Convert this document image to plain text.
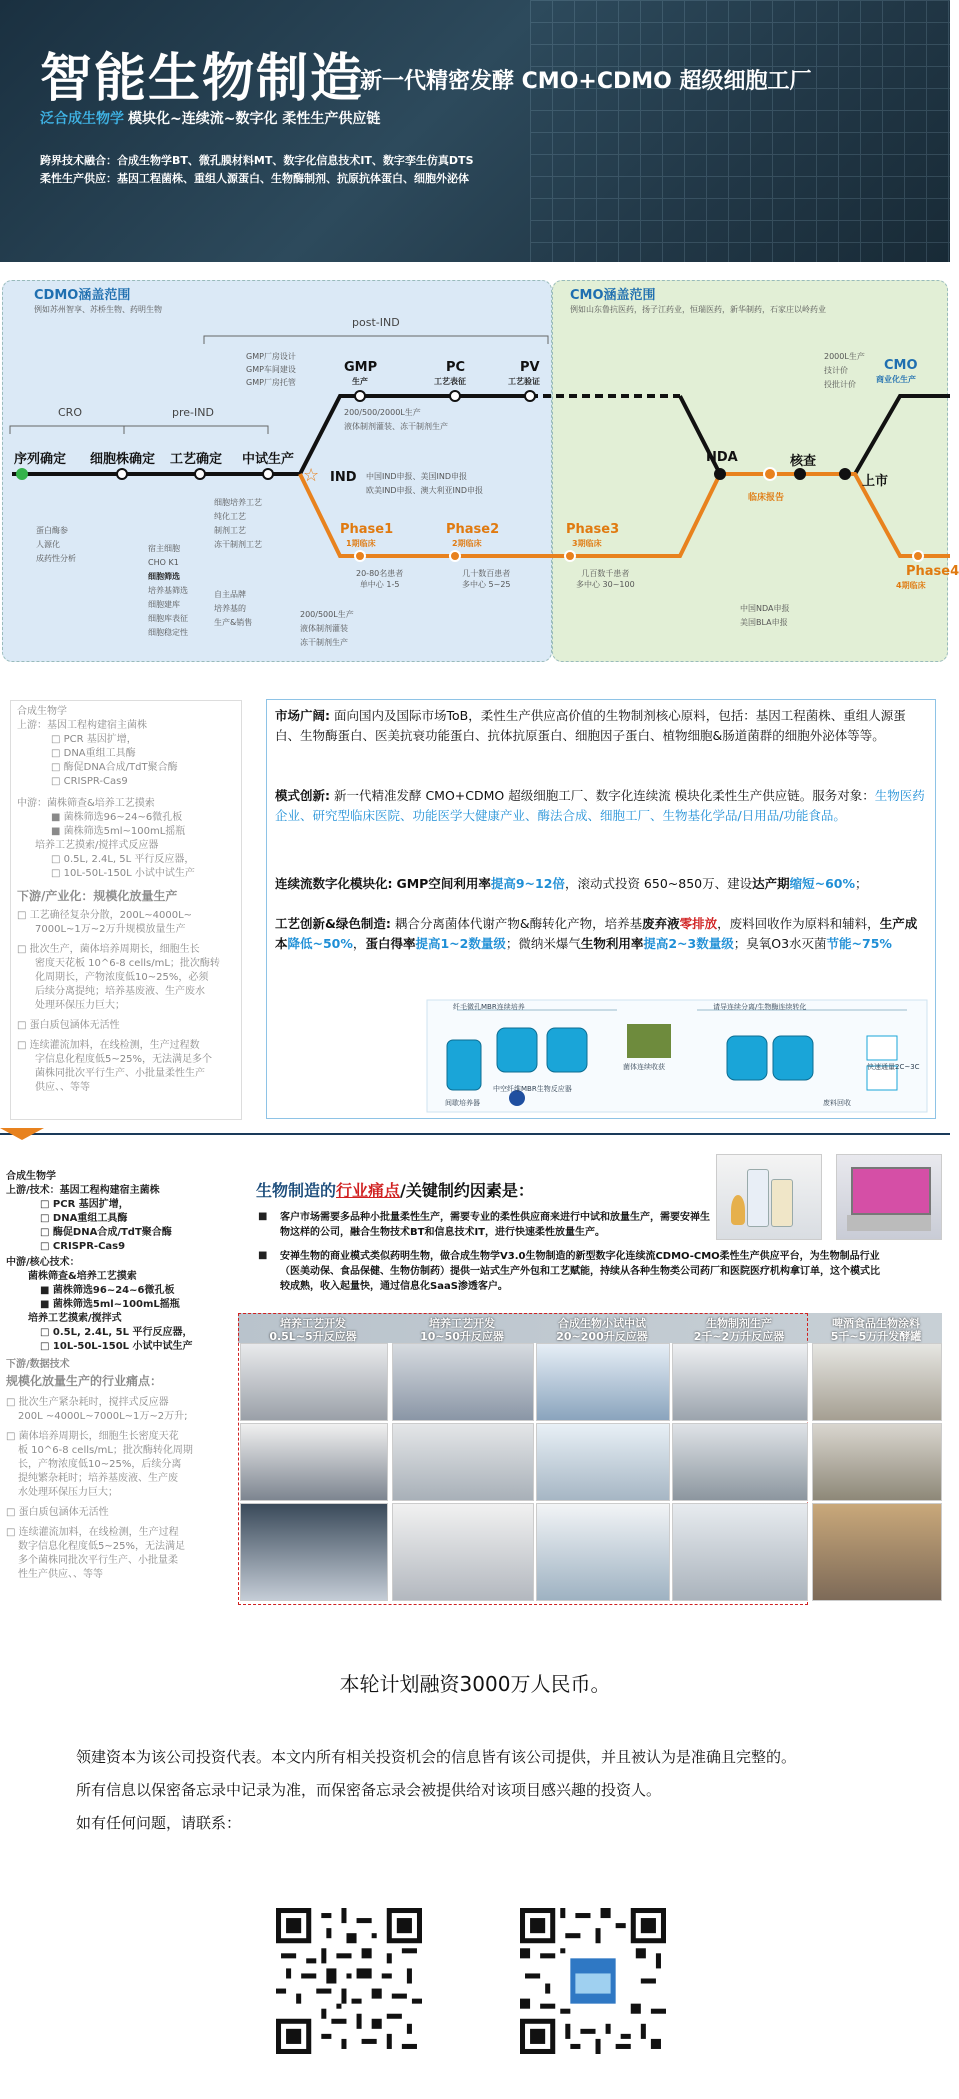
智能生物制造
新一代精密发酵 CMO+CDMO 超级细胞工厂
泛合成生物学 模块化~连续流~数字化 柔性生产供应链
跨界技术融合：合成生物学BT、微孔膜材料MT、数字化信息技术IT、数字孪生仿真DTS
柔性生产供应：基因工程菌株、重组人源蛋白、生物酶制剂、抗原抗体蛋白、细胞外泌体
CDMO涵盖范围
例如苏州智享、苏桥生物、药明生物
CMO涵盖范围
例如山东鲁抗医药，扬子江药业，恒瑞医药，新华制药，石家庄以岭药业
☆
post-IND
pre-IND
CRO
GMP厂房设计
GMP车间建设
GMP厂房托管
序列确定 细胞株确定 工艺确定 中试生产
IND
GMP
生产
PC
工艺表征
PV
工艺验证
NDA	核查
上市
CMO
商业化生产
Phase1
1期临床
Phase2
2期临床
Phase3
3期临床
Phase4
4期临床
20-80名患者
单中心 1-5
几十数百患者
多中心 5~25
几百数千患者
多中心 30~100
临床报告
蛋白酶参
人源化
成药性分析
宿主细胞
CHO K1
细胞筛选
培养基筛选
细胞建库
细胞库表征
细胞稳定性
细胞培养工艺
纯化工艺
制剂工艺
冻干制剂工艺
自主品牌
培养基的
生产&销售
200/500L生产
液体制剂灌装
冻干制剂生产
200/500/2000L生产
液体制剂灌装、冻干制剂生产
中国IND申报、美国IND申报
欧美IND申报、澳大利亚IND申报
中国NDA申报
美国BLA申报
2000L生产
技计价
投批计价
合成生物学
上游：基因工程构建宿主菌株
□ PCR 基因扩增，
□ DNA重组工具酶
□ 酶促DNA合成/TdT聚合酶
□ CRISPR-Cas9
中游：菌株筛查&培养工艺摸索
■ 菌株筛选96~24~6微孔板
■ 菌株筛选5ml~100mL摇瓶
培养工艺摸索/搅拌式反应器
□ 0.5L, 2.4L, 5L 平行反应器，
□ 10L-50L-150L 小试中试生产
下游/产业化：规模化放量生产
□ 工艺确径复杂分散，200L~4000L~
7000L~1万~2万升规模放量生产
□ 批次生产，菌体培养周期长，细胞生长
密度天花板 10^6-8 cells/mL；批次酶转
化周期长，产物浓度低10~25%，必须
后续分离提纯；培养基废液、生产废水
处理环保压力巨大；
□ 蛋白质包涵体无活性
□ 连续灌流加料，在线检测，生产过程数
字信息化程度低5~25%，无法满足多个
菌株同批次平行生产、小批量柔性生产
供应、、等等
市场广阔: 面向国内及国际市场ToB，柔性生产供应高价值的生物制剂核心原料，包括：基因工程菌株、重组人源蛋白、生物酶蛋白、医美抗衰功能蛋白、抗体抗原蛋白、细胞因子蛋白、植物细胞&肠道菌群的细胞外泌体等等。
模式创新: 新一代精准发酵 CMO+CDMO 超级细胞工厂、数字化连续流 模块化柔性生产供应链。服务对象：生物医药企业、研究型临床医院、功能医学大健康产业、酶法合成、细胞工厂、生物基化学品/日用品/功能食品。
连续流数字化模块化: GMP空间利用率提高9~12倍，滚动式投资 650~850万、建设达产期缩短~60%；
工艺创新&绿色制造: 耦合分离菌体代谢产物&酶转化产物，培养基废弃液零排放，废料回收作为原料和辅料，生产成本降低~50%，蛋白得率提高1~2数量级；微纳米爆气生物利用率提高2~3数量级；臭氧O3水灭菌节能~75%
纤毛微孔MBR连续培养	请导连续分离/生物酶连续转化
中空纤维MBR生物反应器
菌体连续收获	快速通量2C~3C
间歇培养器	废料回收
合成生物学
上游/技术：基因工程构建宿主菌株
□ PCR 基因扩增，
□ DNA重组工具酶
□ 酶促DNA合成/TdT聚合酶
□ CRISPR-Cas9
中游/核心技术：
菌株筛查&培养工艺摸索
■ 菌株筛选96~24~6微孔板
■ 菌株筛选5ml~100mL摇瓶
培养工艺摸索/搅拌式
□ 0.5L, 2.4L, 5L 平行反应器，
□ 10L-50L-150L 小试中试生产
下游/数据技术
规模化放量生产的行业痛点：
□ 批次生产紧杂耗时，搅拌式反应器
200L ~4000L~7000L~1万~2万升;
□ 菌体培养周期长，细胞生长密度天花
板 10^6-8 cells/mL；批次酶转化周期
长，产物浓度低10~25%，后续分离
提纯繁杂耗时；培养基废液、生产废
水处理环保压力巨大；
□ 蛋白质包涵体无活性
□ 连续灌流加料，在线检测，生产过程
数字信息化程度低5~25%，无法满足
多个菌株同批次平行生产、小批量柔
性生产供应、、等等
生物制造的行业痛点/关键制约因素是：
■ 客户市场需要多品种小批量柔性生产，需要专业的柔性供应商来进行中试和放量生产，需要安禅生物这样的公司，融合生物技术BT和信息技术IT，进行快速柔性放量生产。
■ 安禅生物的商业模式类似药明生物，做合成生物学V3.0生物制造的新型数字化连续流CDMO-CMO柔性生产供应平台，为生物制品行业（医美动保、食品保健、生物仿制药）提供一站式生产外包和工艺赋能，持续从各种生物类公司药厂和医院医疗机构拿订单，这个模式比较成熟，收入起量快，通过信息化SaaS渗透客户。
培养工艺开发
0.5L~5升反应器
培养工艺开发
10~50升反应器
合成生物小试中试
20~200升反应器
生物制剂生产
2千~2万升反应器
啤酒食品生物涂料
5千~5万升发酵罐
本轮计划融资3000万人民币。
领建资本为该公司投资代表。本文内所有相关投资机会的信息皆有该公司提供，并且被认为是准确且完整的。
所有信息以保密备忘录中记录为准，而保密备忘录会被提供给对该项目感兴趣的投资人。
如有任何问题，请联系：
